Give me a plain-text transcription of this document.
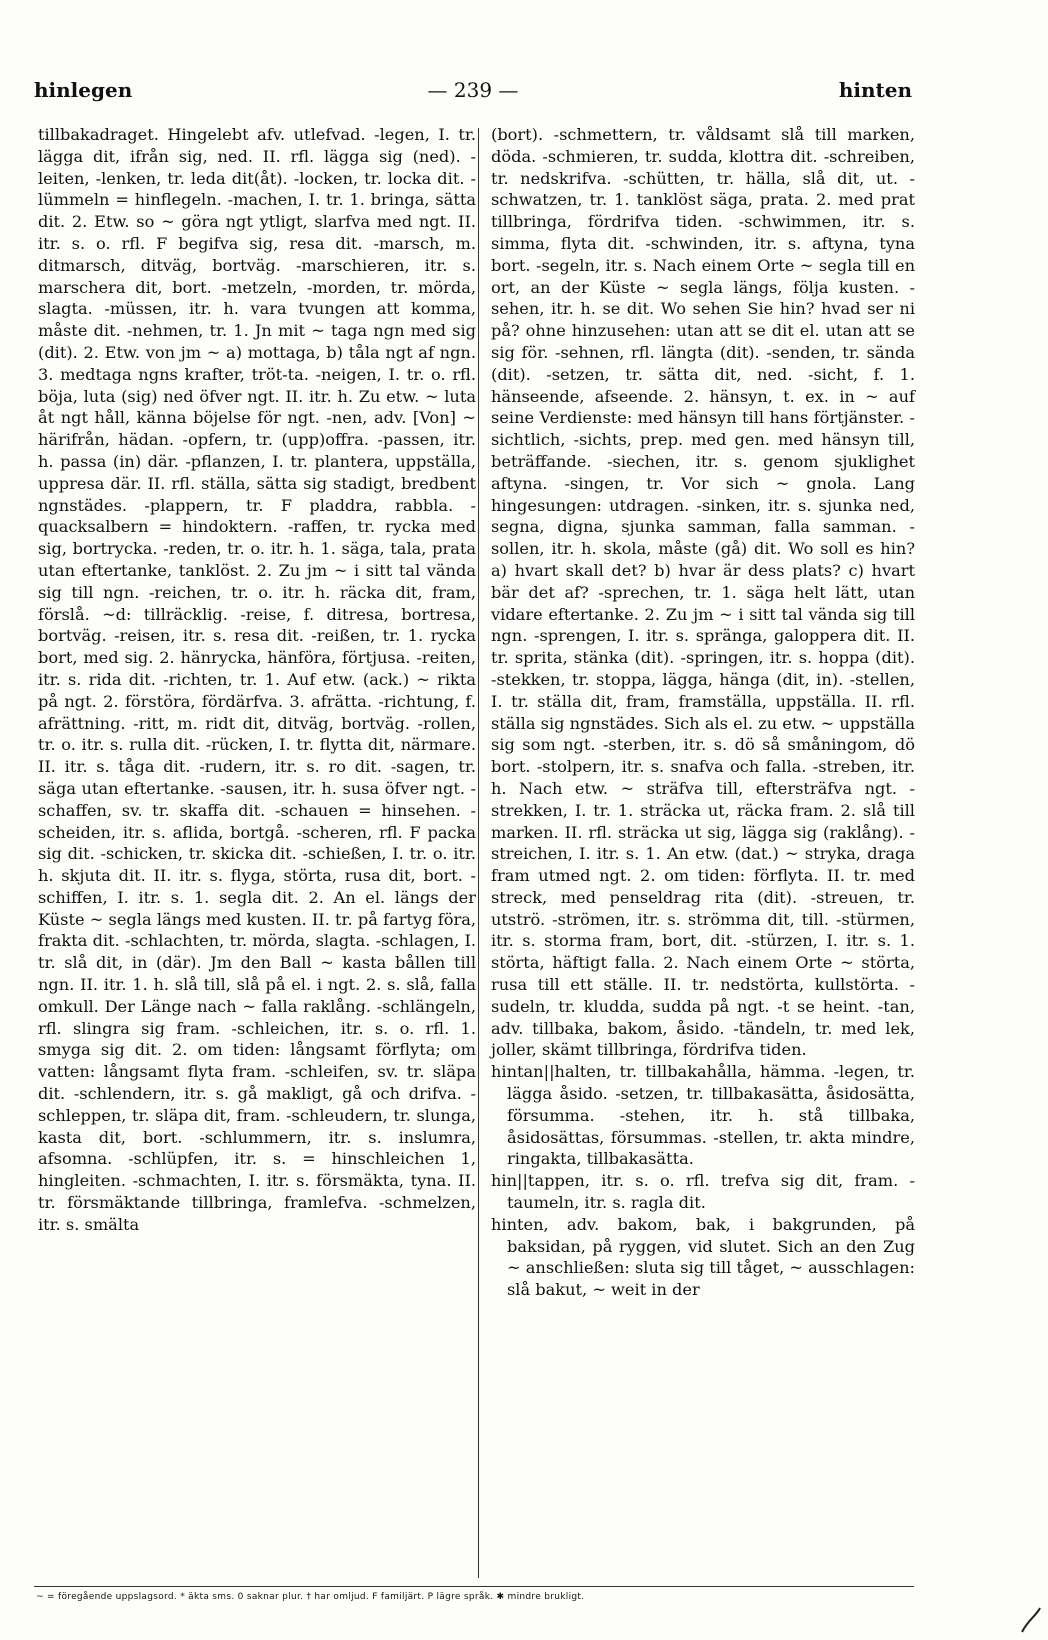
hinlegen	— 239 —	hinten

tillbakadraget. Hingelebt afv. utlefvad. -legen, I. tr. lägga dit, ifrån sig, ned. II. rfl. lägga sig (ned). -leiten, -lenken, tr. leda dit(åt). -locken, tr. locka dit. -lümmeln = hinflegeln. -machen, I. tr. 1. bringa, sätta dit. 2. Etw. so ~ göra ngt ytligt, slarfva med ngt. II. itr. s. o. rfl. F begifva sig, resa dit. -marsch, m. ditmarsch, ditväg, bortväg. -marschieren, itr. s. marschera dit, bort. -metzeln, -morden, tr. mörda, slagta. -müssen, itr. h. vara tvungen att komma, måste dit. -nehmen, tr. 1. Jn mit ~ taga ngn med sig (dit). 2. Etw. von jm ~ a) mottaga, b) tåla ngt af ngn. 3. medtaga ngns krafter, tröt-ta. -neigen, I. tr. o. rfl. böja, luta (sig) ned öfver ngt. II. itr. h. Zu etw. ~ luta åt ngt håll, känna böjelse för ngt. -nen, adv. [Von] ~ härifrån, hädan. -opfern, tr. (upp)offra. -passen, itr. h. passa (in) där. -pflanzen, I. tr. plantera, uppställa, uppresa där. II. rfl. ställa, sätta sig stadigt, bredbent ngnstädes. -plappern, tr. F pladdra, rabbla. -quacksalbern = hindoktern. -raffen, tr. rycka med sig, bortrycka. -reden, tr. o. itr. h. 1. säga, tala, prata utan eftertanke, tanklöst. 2. Zu jm ~ i sitt tal vända sig till ngn. -reichen, tr. o. itr. h. räcka dit, fram, förslå. ~d: tillräcklig. -reise, f. ditresa, bortresa, bortväg. -reisen, itr. s. resa dit. -reißen, tr. 1. rycka bort, med sig. 2. hänrycka, hänföra, förtjusa. -reiten, itr. s. rida dit. -richten, tr. 1. Auf etw. (ack.) ~ rikta på ngt. 2. förstöra, fördärfva. 3. afrätta. -richtung, f. afrättning. -ritt, m. ridt dit, ditväg, bortväg. -rollen, tr. o. itr. s. rulla dit. -rücken, I. tr. flytta dit, närmare. II. itr. s. tåga dit. -rudern, itr. s. ro dit. -sagen, tr. säga utan eftertanke. -sausen, itr. h. susa öfver ngt. -schaffen, sv. tr. skaffa dit. -schauen = hinsehen. -scheiden, itr. s. aflida, bortgå. -scheren, rfl. F packa sig dit. -schicken, tr. skicka dit. -schießen, I. tr. o. itr. h. skjuta dit. II. itr. s. flyga, störta, rusa dit, bort. -schiffen, I. itr. s. 1. segla dit. 2. An el. längs der Küste ~ segla längs med kusten. II. tr. på fartyg föra, frakta dit. -schlachten, tr. mörda, slagta. -schlagen, I. tr. slå dit, in (där). Jm den Ball ~ kasta bållen till ngn. II. itr. 1. h. slå till, slå på el. i ngt. 2. s. slå, falla omkull. Der Länge nach ~ falla raklång. -schlängeln, rfl. slingra sig fram. -schleichen, itr. s. o. rfl. 1. smyga sig dit. 2. om tiden: långsamt förflyta; om vatten: långsamt flyta fram. -schleifen, sv. tr. släpa dit. -schlendern, itr. s. gå makligt, gå och drifva. -schleppen, tr. släpa dit, fram. -schleudern, tr. slunga, kasta dit, bort. -schlummern, itr. s. inslumra, afsomna. -schlüpfen, itr. s. = hinschleichen 1, hingleiten. -schmachten, I. itr. s. försmäkta, tyna. II. tr. försmäktande tillbringa, framlefva. -schmelzen, itr. s. smälta

(bort). -schmettern, tr. våldsamt slå till marken, döda. -schmieren, tr. sudda, klottra dit. -schreiben, tr. nedskrifva. -schütten, tr. hälla, slå dit, ut. -schwatzen, tr. 1. tanklöst säga, prata. 2. med prat tillbringa, fördrifva tiden. -schwimmen, itr. s. simma, flyta dit. -schwinden, itr. s. aftyna, tyna bort. -segeln, itr. s. Nach einem Orte ~ segla till en ort, an der Küste ~ segla längs, följa kusten. -sehen, itr. h. se dit. Wo sehen Sie hin? hvad ser ni på? ohne hinzusehen: utan att se dit el. utan att se sig för. -sehnen, rfl. längta (dit). -senden, tr. sända (dit). -setzen, tr. sätta dit, ned. -sicht, f. 1. hänseende, afseende. 2. hänsyn, t. ex. in ~ auf seine Verdienste: med hänsyn till hans förtjänster. -sichtlich, -sichts, prep. med gen. med hänsyn till, beträffande. -siechen, itr. s. genom sjuklighet aftyna. -singen, tr. Vor sich ~ gnola. Lang hingesungen: utdragen. -sinken, itr. s. sjunka ned, segna, digna, sjunka samman, falla samman. -sollen, itr. h. skola, måste (gå) dit. Wo soll es hin? a) hvart skall det? b) hvar är dess plats? c) hvart bär det af? -sprechen, tr. 1. säga helt lätt, utan vidare eftertanke. 2. Zu jm ~ i sitt tal vända sig till ngn. -sprengen, I. itr. s. spränga, galoppera dit. II. tr. sprita, stänka (dit). -springen, itr. s. hoppa (dit). -stekken, tr. stoppa, lägga, hänga (dit, in). -stellen, I. tr. ställa dit, fram, framställa, uppställa. II. rfl. ställa sig ngnstädes. Sich als el. zu etw. ~ uppställa sig som ngt. -sterben, itr. s. dö så småningom, dö bort. -stolpern, itr. s. snafva och falla. -streben, itr. h. Nach etw. ~ sträfva till, eftersträfva ngt. -strekken, I. tr. 1. sträcka ut, räcka fram. 2. slå till marken. II. rfl. sträcka ut sig, lägga sig (raklång). -streichen, I. itr. s. 1. An etw. (dat.) ~ stryka, draga fram utmed ngt. 2. om tiden: förflyta. II. tr. med streck, med penseldrag rita (dit). -streuen, tr. utströ. -strömen, itr. s. strömma dit, till. -stürmen, itr. s. storma fram, bort, dit. -stürzen, I. itr. s. 1. störta, häftigt falla. 2. Nach einem Orte ~ störta, rusa till ett ställe. II. tr. nedstörta, kullstörta. -sudeln, tr. kludda, sudda på ngt. -t se heint. -tan, adv. tillbaka, bakom, åsido. -tändeln, tr. med lek, joller, skämt tillbringa, fördrifva tiden.

hintan||halten, tr. tillbakahålla, hämma. -legen, tr. lägga åsido. -setzen, tr. tillbakasätta, åsidosätta, försumma. -stehen, itr. h. stå tillbaka, åsidosättas, försummas. -stellen, tr. akta mindre, ringakta, tillbakasätta.

hin||tappen, itr. s. o. rfl. trefva sig dit, fram. -taumeln, itr. s. ragla dit.

hinten, adv. bakom, bak, i bakgrunden, på baksidan, på ryggen, vid slutet. Sich an den Zug ~ anschließen: sluta sig till tåget, ~ ausschlagen: slå bakut, ~ weit in der

~ = föregående uppslagsord. * äkta sms. 0 saknar plur. † har omljud. F familjärt. P lägre språk. ✱ mindre brukligt.
